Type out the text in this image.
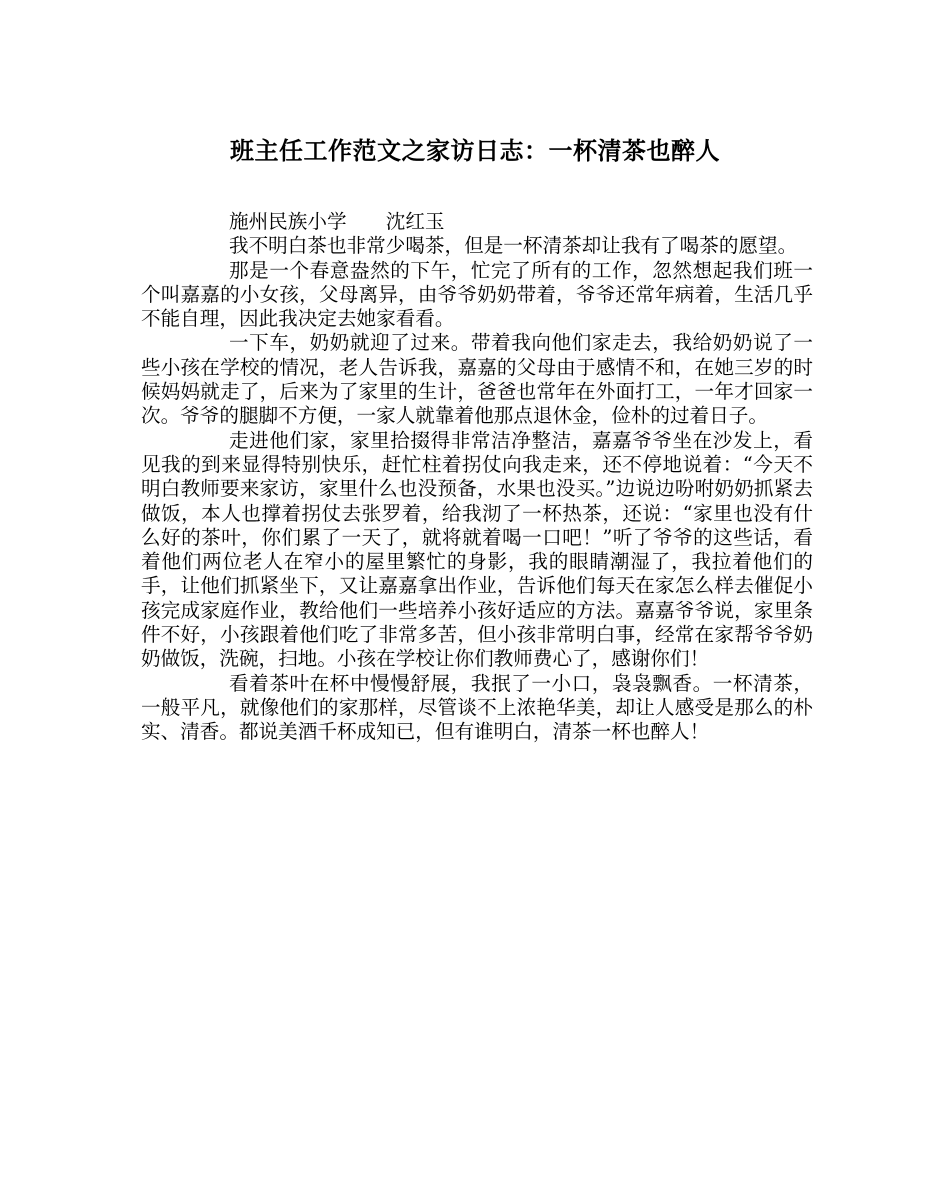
班主任工作范文之家访日志：一杯清茶也醉人
施州民族小学　　沈红玉

我不明白茶也非常少喝茶，但是一杯清茶却让我有了喝茶的愿望。

那是一个春意盎然的下午，忙完了所有的工作，忽然想起我们班一个叫嘉嘉的小女孩，父母离异，由爷爷奶奶带着，爷爷还常年病着，生活几乎不能自理，因此我决定去她家看看。

一下车，奶奶就迎了过来。带着我向他们家走去，我给奶奶说了一些小孩在学校的情况，老人告诉我，嘉嘉的父母由于感情不和，在她三岁的时候妈妈就走了，后来为了家里的生计，爸爸也常年在外面打工，一年才回家一次。爷爷的腿脚不方便，一家人就靠着他那点退休金，俭朴的过着日子。

走进他们家，家里拾掇得非常洁净整洁，嘉嘉爷爷坐在沙发上，看见我的到来显得特别快乐，赶忙柱着拐仗向我走来，还不停地说着：“今天不明白教师要来家访，家里什么也没预备，水果也没买。”边说边吩咐奶奶抓紧去做饭，本人也撑着拐仗去张罗着，给我沏了一杯热茶，还说：“家里也没有什么好的茶叶，你们累了一天了，就将就着喝一口吧！”听了爷爷的这些话，看着他们两位老人在窄小的屋里繁忙的身影，我的眼睛潮湿了，我拉着他们的手，让他们抓紧坐下，又让嘉嘉拿出作业，告诉他们每天在家怎么样去催促小孩完成家庭作业，教给他们一些培养小孩好适应的方法。嘉嘉爷爷说，家里条件不好，小孩跟着他们吃了非常多苦，但小孩非常明白事，经常在家帮爷爷奶奶做饭，洗碗，扫地。小孩在学校让你们教师费心了，感谢你们！

看着茶叶在杯中慢慢舒展，我抿了一小口，袅袅飘香。一杯清茶，一般平凡，就像他们的家那样，尽管谈不上浓艳华美，却让人感受是那么的朴实、清香。都说美酒千杯成知已，但有谁明白，清茶一杯也醉人！
